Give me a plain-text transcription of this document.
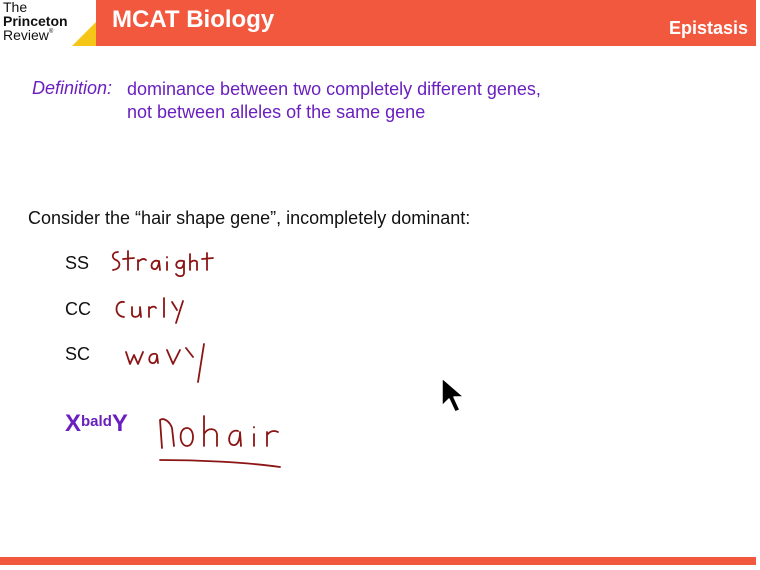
The
Princeton
Review® MCAT Biology	Epistasis
Definition: dominance between two completely different genes,
not between alleles of the same gene
Consider the “hair shape gene”, incompletely dominant:
SS
CC
SC
$X^{bald}Y$
